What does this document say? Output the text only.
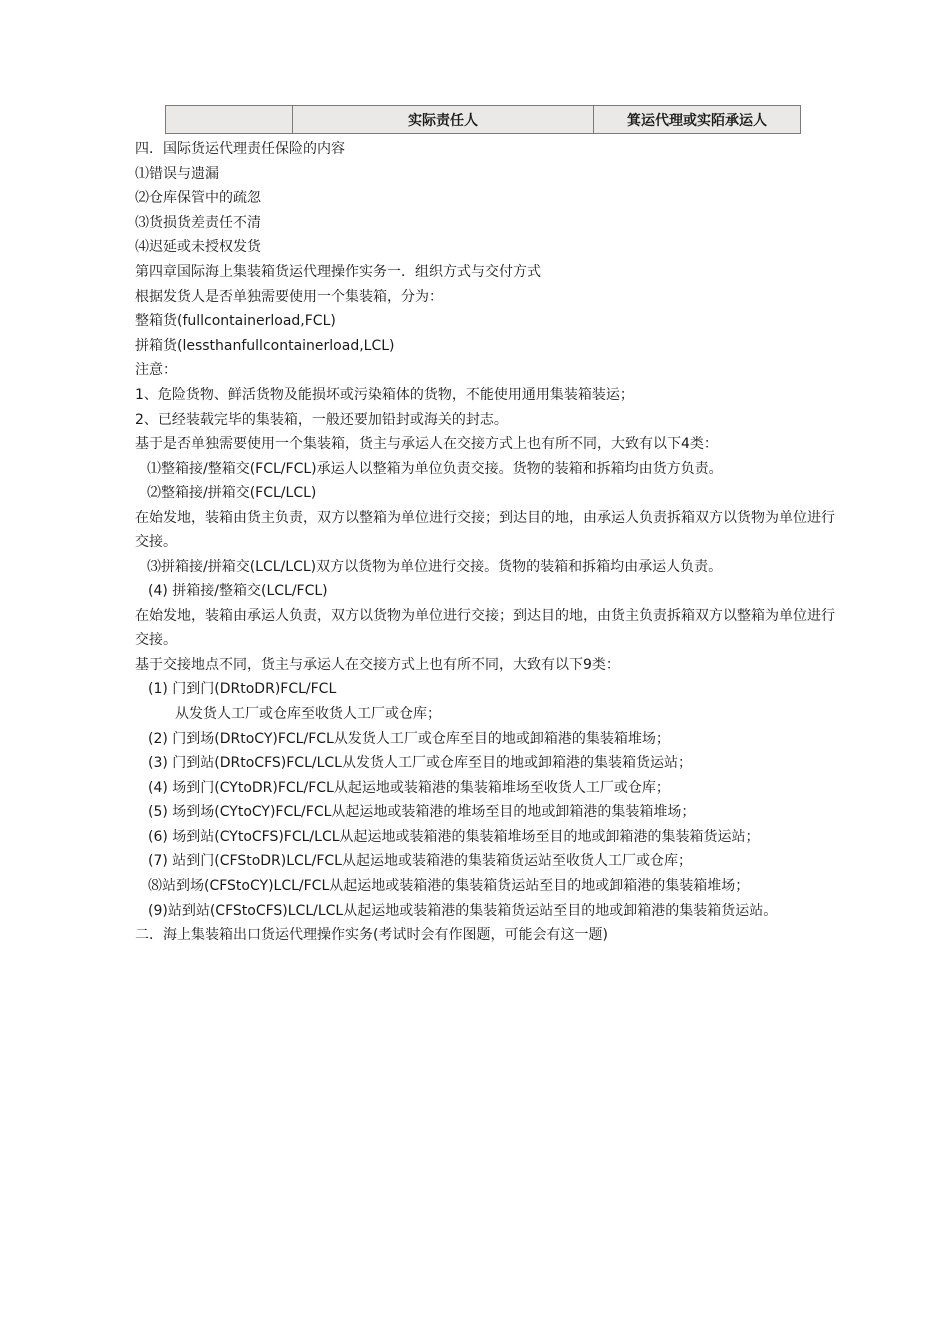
	实际责任人	箕运代理或实陌承运人
四．国际货运代理责任保险的内容
⑴错误与遗漏
⑵仓库保管中的疏忽
⑶货损货差责任不清
⑷迟延或未授权发货
第四章国际海上集装箱货运代理操作实务一．组织方式与交付方式
根据发货人是否单独需要使用一个集装箱，分为：
整箱货(fullcontainerload,FCL)
拼箱货(lessthanfullcontainerload,LCL)
注意：
1、危险货物、鲜活货物及能损坏或污染箱体的货物，不能使用通用集装箱装运；
2、已经装载完毕的集装箱，一般还要加铅封或海关的封志。
基于是否单独需要使用一个集装箱，货主与承运人在交接方式上也有所不同，大致有以下4类：
⑴整箱接/整箱交(FCL/FCL)承运人以整箱为单位负责交接。货物的装箱和拆箱均由货方负责。
⑵整箱接/拼箱交(FCL/LCL)
在始发地，装箱由货主负责，双方以整箱为单位进行交接；到达目的地，由承运人负责拆箱双方以货物为单位进行交接。
⑶拼箱接/拼箱交(LCL/LCL)双方以货物为单位进行交接。货物的装箱和拆箱均由承运人负责。
(4) 拼箱接/整箱交(LCL/FCL)
在始发地，装箱由承运人负责，双方以货物为单位进行交接；到达目的地，由货主负责拆箱双方以整箱为单位进行交接。
基于交接地点不同，货主与承运人在交接方式上也有所不同，大致有以下9类：
(1) 门到门(DRtoDR)FCL/FCL
从发货人工厂或仓库至收货人工厂或仓库；
(2) 门到场(DRtoCY)FCL/FCL从发货人工厂或仓库至目的地或卸箱港的集装箱堆场；
(3) 门到站(DRtoCFS)FCL/LCL从发货人工厂或仓库至目的地或卸箱港的集装箱货运站；
(4) 场到门(CYtoDR)FCL/FCL从起运地或装箱港的集装箱堆场至收货人工厂或仓库；
(5) 场到场(CYtoCY)FCL/FCL从起运地或装箱港的堆场至目的地或卸箱港的集装箱堆场；
(6) 场到站(CYtoCFS)FCL/LCL从起运地或装箱港的集装箱堆场至目的地或卸箱港的集装箱货运站；
(7) 站到门(CFStoDR)LCL/FCL从起运地或装箱港的集装箱货运站至收货人工厂或仓库；
⑻站到场(CFStoCY)LCL/FCL从起运地或装箱港的集装箱货运站至目的地或卸箱港的集装箱堆场；
(9)站到站(CFStoCFS)LCL/LCL从起运地或装箱港的集装箱货运站至目的地或卸箱港的集装箱货运站。
二．海上集装箱出口货运代理操作实务(考试时会有作图题，可能会有这一题)
